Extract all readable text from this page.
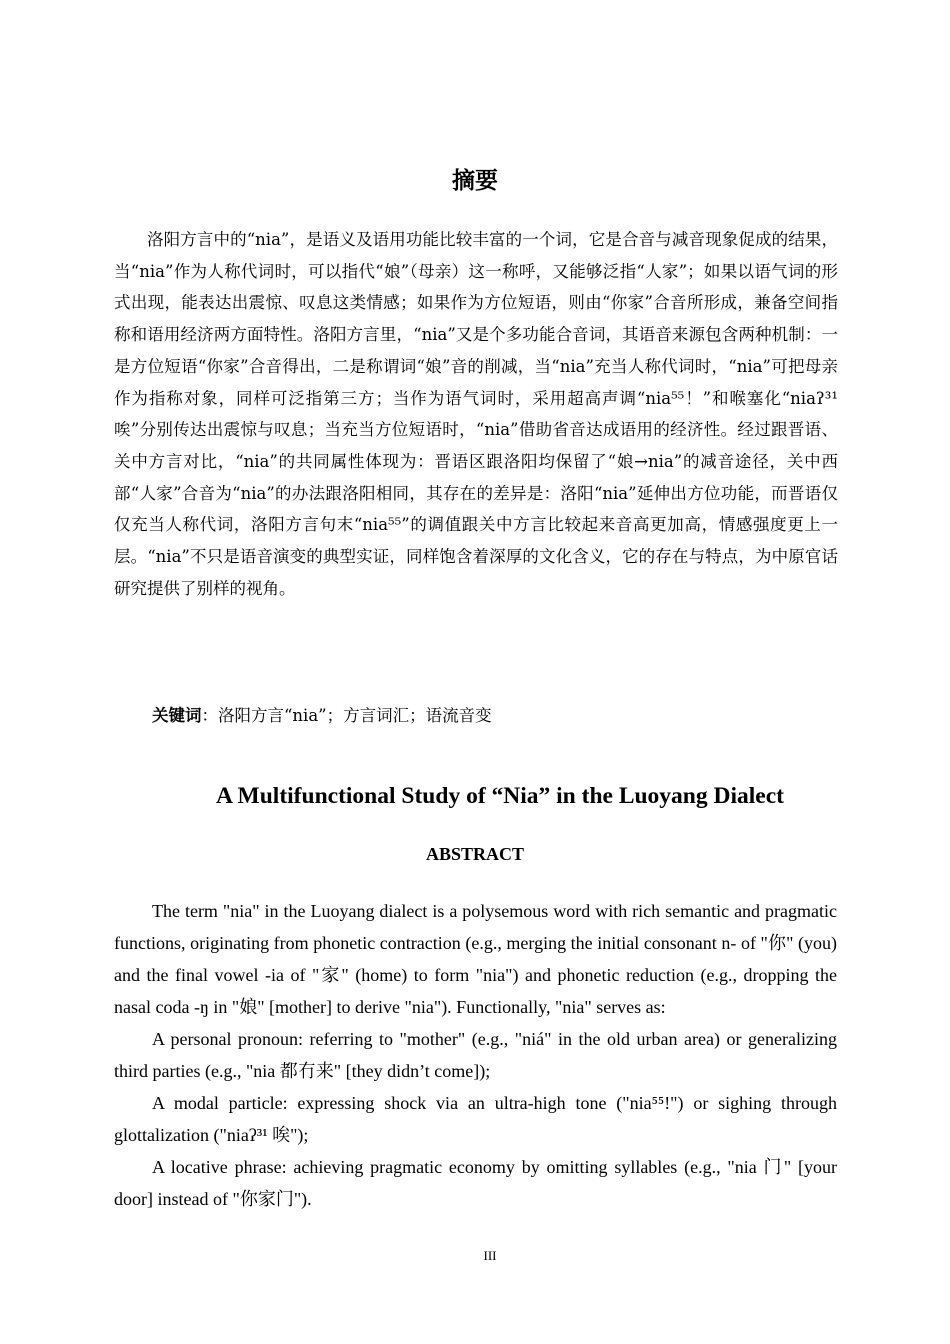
摘要

洛阳方言中的“nia”，是语义及语用功能比较丰富的一个词，它是合音与减音现象促成的结果，当“nia”作为人称代词时，可以指代“娘”（母亲）这一称呼，又能够泛指“人家”；如果以语气词的形式出现，能表达出震惊、叹息这类情感；如果作为方位短语，则由“你家”合音所形成，兼备空间指称和语用经济两方面特性。洛阳方言里，“nia”又是个多功能合音词，其语音来源包含两种机制：一是方位短语“你家”合音得出，二是称谓词“娘”音的削减，当“nia”充当人称代词时，“nia”可把母亲作为指称对象，同样可泛指第三方；当作为语气词时，采用超高声调“nia⁵⁵！”和喉塞化“niaʔ³¹ 唉”分别传达出震惊与叹息；当充当方位短语时，“nia”借助省音达成语用的经济性。经过跟晋语、关中方言对比，“nia”的共同属性体现为：晋语区跟洛阳均保留了“娘→nia”的减音途径，关中西部“人家”合音为“nia”的办法跟洛阳相同，其存在的差异是：洛阳“nia”延伸出方位功能，而晋语仅仅充当人称代词，洛阳方言句末“nia⁵⁵”的调值跟关中方言比较起来音高更加高，情感强度更上一层。“nia”不只是语音演变的典型实证，同样饱含着深厚的文化含义，它的存在与特点，为中原官话研究提供了别样的视角。

关键词：洛阳方言“nia”；方言词汇；语流音变
A Multifunctional Study of “Nia” in the Luoyang Dialect
ABSTRACT

The term "nia" in the Luoyang dialect is a polysemous word with rich semantic and pragmatic functions, originating from phonetic contraction (e.g., merging the initial consonant n- of "你" (you) and the final vowel -ia of "家" (home) to form "nia") and phonetic reduction (e.g., dropping the nasal coda -ŋ in "娘" [mother] to derive "nia"). Functionally, "nia" serves as:

A personal pronoun: referring to "mother" (e.g., "niá" in the old urban area) or generalizing third parties (e.g., "nia 都冇来" [they didn’t come]);

A modal particle: expressing shock via an ultra-high tone ("nia⁵⁵!") or sighing through glottalization ("niaʔ³¹ 唉");

A locative phrase: achieving pragmatic economy by omitting syllables (e.g., "nia 门" [your door] instead of "你家门").

III
